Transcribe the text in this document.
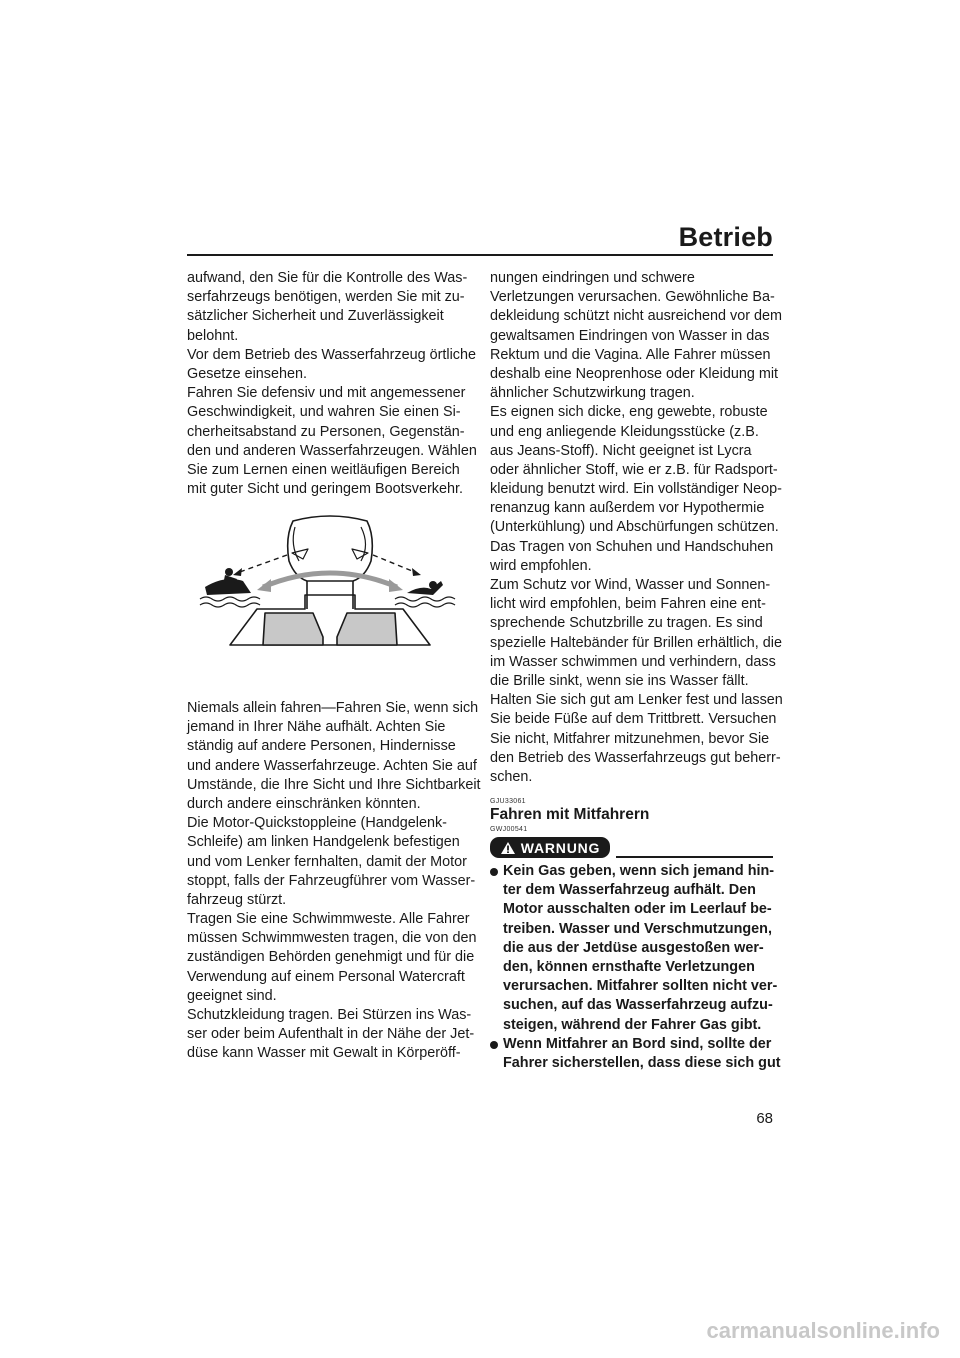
Betrieb
aufwand, den Sie für die Kontrolle des Was-
serfahrzeugs benötigen, werden Sie mit zu-
sätzlicher Sicherheit und Zuverlässigkeit
belohnt.
Vor dem Betrieb des Wasserfahrzeug örtliche
Gesetze einsehen.
Fahren Sie defensiv und mit angemessener
Geschwindigkeit, und wahren Sie einen Si-
cherheitsabstand zu Personen, Gegenstän-
den und anderen Wasserfahrzeugen. Wählen
Sie zum Lernen einen weitläufigen Bereich
mit guter Sicht und geringem Bootsverkehr.
Niemals allein fahren—Fahren Sie, wenn sich
jemand in Ihrer Nähe aufhält. Achten Sie
ständig auf andere Personen, Hindernisse
und andere Wasserfahrzeuge. Achten Sie auf
Umstände, die Ihre Sicht und Ihre Sichtbarkeit
durch andere einschränken könnten.
Die Motor-Quickstoppleine (Handgelenk-
Schleife) am linken Handgelenk befestigen
und vom Lenker fernhalten, damit der Motor
stoppt, falls der Fahrzeugführer vom Wasser-
fahrzeug stürzt.
Tragen Sie eine Schwimmweste. Alle Fahrer
müssen Schwimmwesten tragen, die von den
zuständigen Behörden genehmigt und für die
Verwendung auf einem Personal Watercraft
geeignet sind.
Schutzkleidung tragen. Bei Stürzen ins Was-
ser oder beim Aufenthalt in der Nähe der Jet-
düse kann Wasser mit Gewalt in Körperöff-
nungen eindringen und schwere
Verletzungen verursachen. Gewöhnliche Ba-
dekleidung schützt nicht ausreichend vor dem
gewaltsamen Eindringen von Wasser in das
Rektum und die Vagina. Alle Fahrer müssen
deshalb eine Neoprenhose oder Kleidung mit
ähnlicher Schutzwirkung tragen.
Es eignen sich dicke, eng gewebte, robuste
und eng anliegende Kleidungsstücke (z.B.
aus Jeans-Stoff). Nicht geeignet ist Lycra
oder ähnlicher Stoff, wie er z.B. für Radsport-
kleidung benutzt wird. Ein vollständiger Neop-
renanzug kann außerdem vor Hypothermie
(Unterkühlung) und Abschürfungen schützen.
Das Tragen von Schuhen und Handschuhen
wird empfohlen.
Zum Schutz vor Wind, Wasser und Sonnen-
licht wird empfohlen, beim Fahren eine ent-
sprechende Schutzbrille zu tragen. Es sind
spezielle Haltebänder für Brillen erhältlich, die
im Wasser schwimmen und verhindern, dass
die Brille sinkt, wenn sie ins Wasser fällt.
Halten Sie sich gut am Lenker fest und lassen
Sie beide Füße auf dem Trittbrett. Versuchen
Sie nicht, Mitfahrer mitzunehmen, bevor Sie
den Betrieb des Wasserfahrzeugs gut beherr-
schen.
GJU33061
Fahren mit Mitfahrern
GWJ00541
WARNUNG
Kein Gas geben, wenn sich jemand hin-
ter dem Wasserfahrzeug aufhält. Den
Motor ausschalten oder im Leerlauf be-
treiben. Wasser und Verschmutzungen,
die aus der Jetdüse ausgestoßen wer-
den, können ernsthafte Verletzungen
verursachen. Mitfahrer sollten nicht ver-
suchen, auf das Wasserfahrzeug aufzu-
steigen, während der Fahrer Gas gibt.
Wenn Mitfahrer an Bord sind, sollte der
Fahrer sicherstellen, dass diese sich gut
68
carmanualsonline.info
